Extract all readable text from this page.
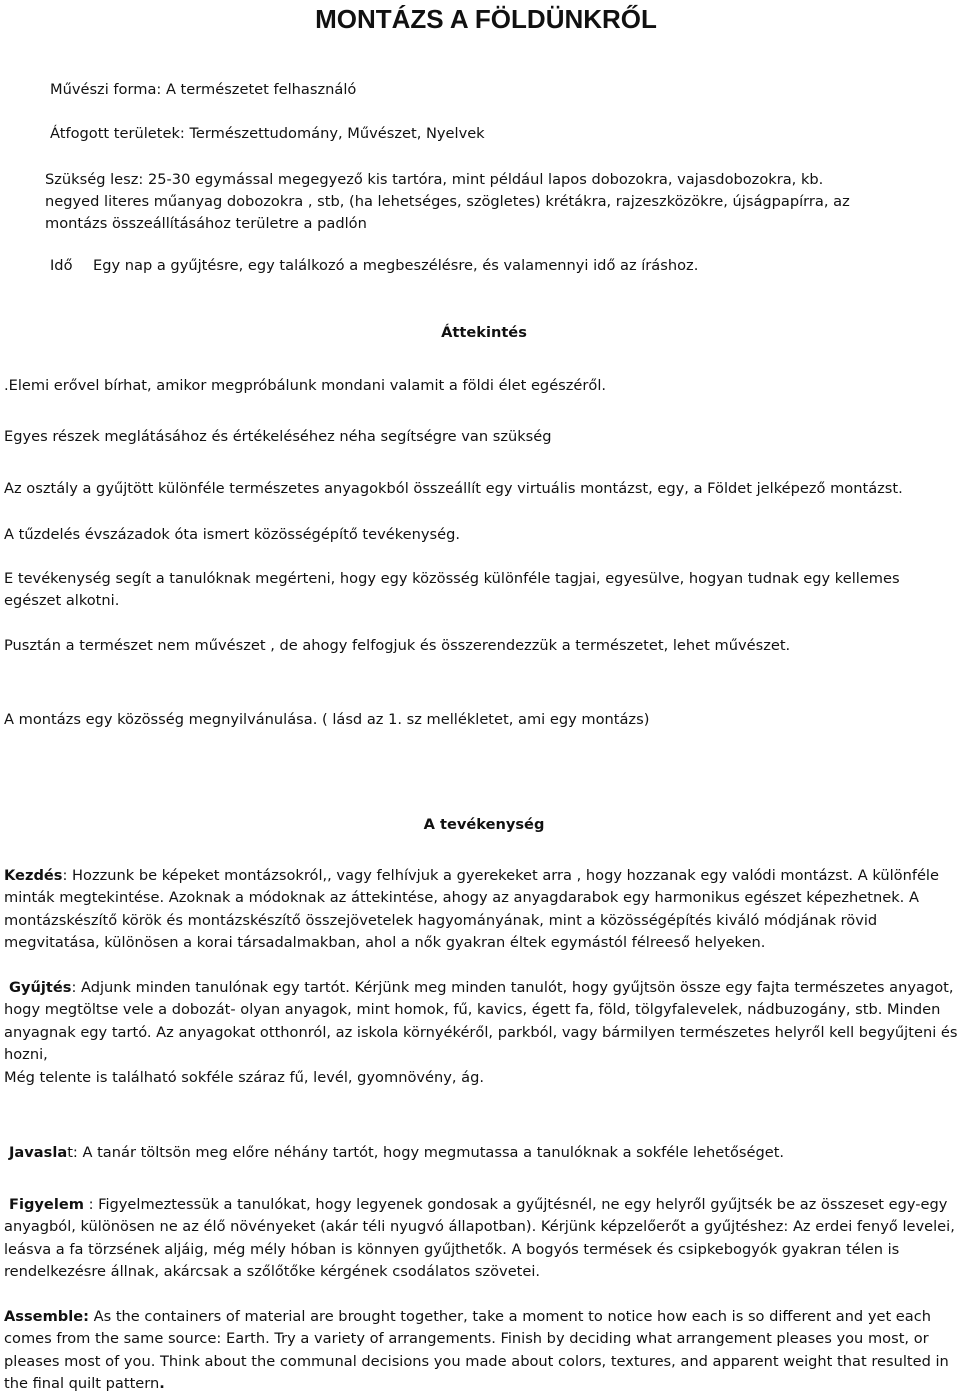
MONTÁZS A FÖLDÜNKRŐL

Művészi forma: A természetet felhasználó

Átfogott területek: Természettudomány, Művészet, Nyelvek

Szükség lesz: 25-30 egymással megegyező kis tartóra, mint például lapos dobozokra, vajasdobozokra, kb.

negyed literes műanyag dobozokra , stb, (ha lehetséges, szögletes) krétákra, rajzeszközökre, újságpapírra, az

montázs összeállításához területre a padlón

Idő Egy nap a gyűjtésre, egy találkozó a megbeszélésre, és valamennyi idő az íráshoz.

Áttekintés

.Elemi erővel bírhat, amikor megpróbálunk mondani valamit a földi élet egészéről.

Egyes részek meglátásához és értékeléséhez néha segítségre van szükség

Az osztály a gyűjtött különféle természetes anyagokból összeállít egy virtuális montázst, egy, a Földet jelképező montázst.

A tűzdelés évszázadok óta ismert közösségépítő tevékenység.

E tevékenység segít a tanulóknak megérteni, hogy egy közösség különféle tagjai, egyesülve, hogyan tudnak egy kellemes egészet alkotni.

Pusztán a természet nem művészet , de ahogy felfogjuk és összerendezzük a természetet, lehet művészet.

A montázs egy közösség megnyilvánulása. ( lásd az 1. sz mellékletet, ami egy montázs)

A tevékenység

Kezdés: Hozzunk be képeket montázsokról,, vagy felhívjuk a gyerekeket arra , hogy hozzanak egy valódi montázst. A különféle minták megtekintése. Azoknak a módoknak az áttekintése, ahogy az anyagdarabok egy harmonikus egészet képezhetnek. A montázskészítő körök és montázskészítő összejövetelek hagyományának, mint a közösségépítés kiváló módjának rövid megvitatása, különösen a korai társadalmakban, ahol a nők gyakran éltek egymástól félreeső helyeken.

Gyűjtés: Adjunk minden tanulónak egy tartót. Kérjünk meg minden tanulót, hogy gyűjtsön össze egy fajta természetes anyagot, hogy megtöltse vele a dobozát- olyan anyagok, mint homok, fű, kavics, égett fa, föld, tölgyfalevelek, nádbuzogány, stb. Minden anyagnak egy tartó. Az anyagokat otthonról, az iskola környékéről, parkból, vagy bármilyen természetes helyről kell begyűjteni és hozni,
Még telente is található sokféle száraz fű, levél, gyomnövény, ág.

Javaslat: A tanár töltsön meg előre néhány tartót, hogy megmutassa a tanulóknak a sokféle lehetőséget.

Figyelem : Figyelmeztessük a tanulókat, hogy legyenek gondosak a gyűjtésnél, ne egy helyről gyűjtsék be az összeset egy-egy anyagból, különösen ne az élő növényeket (akár téli nyugvó állapotban). Kérjünk képzelőerőt a gyűjtéshez: Az erdei fenyő levelei, leásva a fa törzsének aljáig, még mély hóban is könnyen gyűjthetők. A bogyós termések és csipkebogyók gyakran télen is rendelkezésre állnak, akárcsak a szőlőtőke kérgének csodálatos szövetei.

Assemble: As the containers of material are brought together, take a moment to notice how each is so different and yet each comes from the same source: Earth. Try a variety of arrangements. Finish by deciding what arrangement pleases you most, or pleases most of you. Think about the communal decisions you made about colors, textures, and apparent weight that resulted in the final quilt pattern.
